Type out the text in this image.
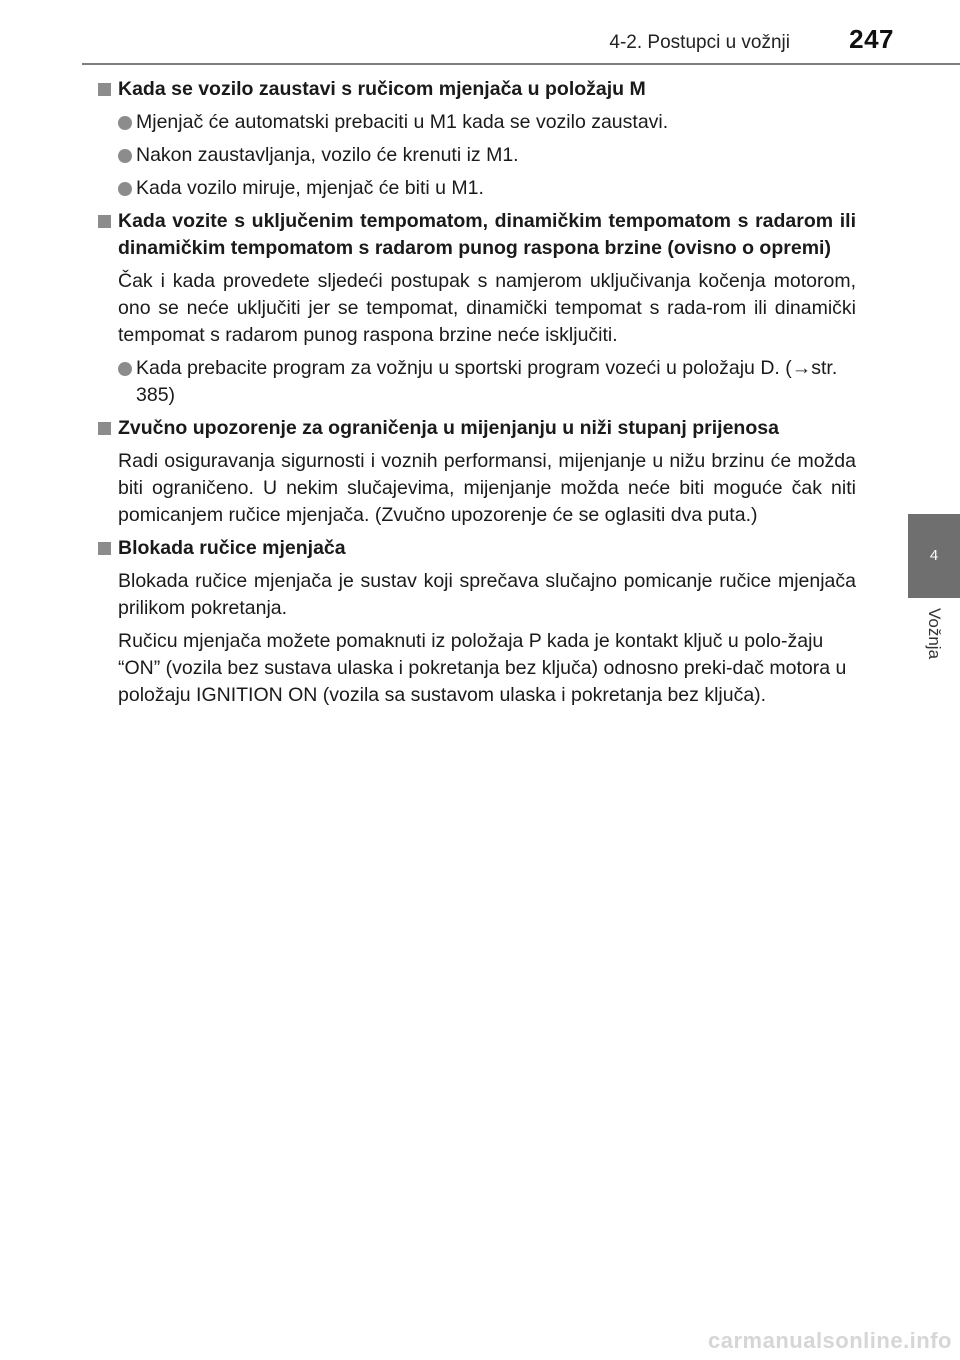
4-2. Postupci u vožnji 247
4
Vožnja
Kada se vozilo zaustavi s ručicom mjenjača u položaju M
Mjenjač će automatski prebaciti u M1 kada se vozilo zaustavi.
Nakon zaustavljanja, vozilo će krenuti iz M1.
Kada vozilo miruje, mjenjač će biti u M1.
Kada vozite s uključenim tempomatom, dinamičkim tempomatom s radarom ili dinamičkim tempomatom s radarom punog raspona brzine (ovisno o opremi)
Čak i kada provedete sljedeći postupak s namjerom uključivanja kočenja motorom, ono se neće uključiti jer se tempomat, dinamički tempomat s rada-rom ili dinamički tempomat s radarom punog raspona brzine neće isključiti.
Kada prebacite program za vožnju u sportski program vozeći u položaju D. (→str. 385)
Zvučno upozorenje za ograničenja u mijenjanju u niži stupanj prijenosa
Radi osiguravanja sigurnosti i voznih performansi, mijenjanje u nižu brzinu će možda biti ograničeno. U nekim slučajevima, mijenjanje možda neće biti moguće čak niti pomicanjem ručice mjenjača. (Zvučno upozorenje će se oglasiti dva puta.)
Blokada ručice mjenjača
Blokada ručice mjenjača je sustav koji sprečava slučajno pomicanje ručice mjenjača prilikom pokretanja.
Ručicu mjenjača možete pomaknuti iz položaja P kada je kontakt ključ u polo-žaju “ON” (vozila bez sustava ulaska i pokretanja bez ključa) odnosno preki-dač motora u položaju IGNITION ON (vozila sa sustavom ulaska i pokretanja bez ključa).
carmanualsonline.info
